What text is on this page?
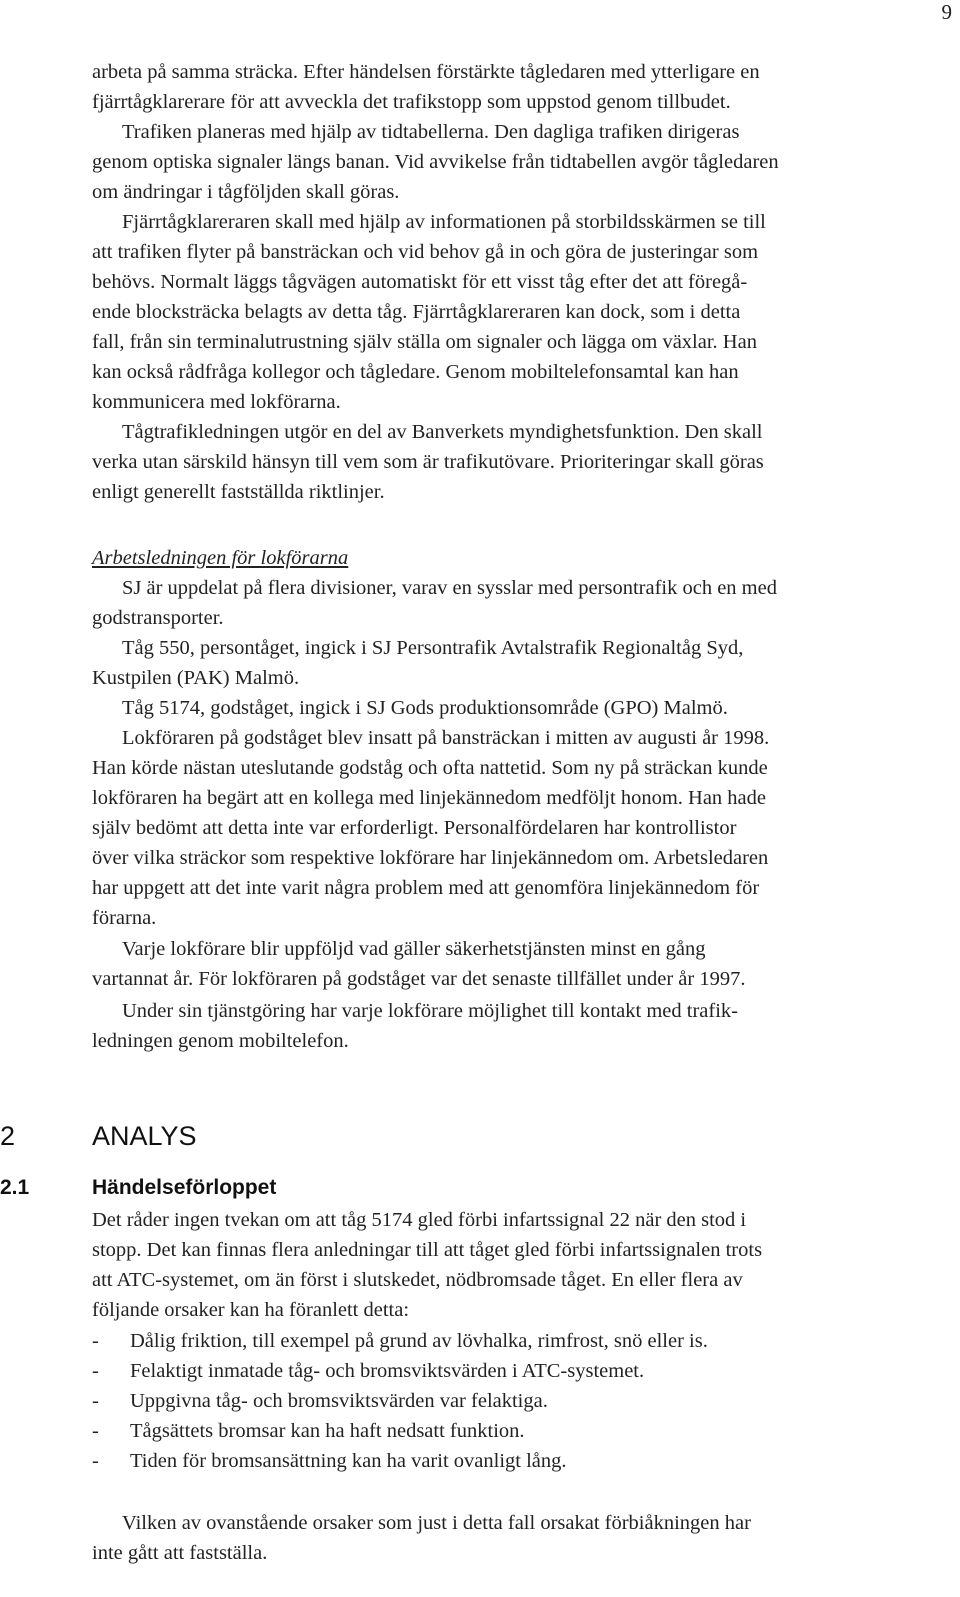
9
arbeta på samma sträcka. Efter händelsen förstärkte tågledaren med ytterligare en
fjärrtågklarerare för att avveckla det trafikstopp som uppstod genom tillbudet.
Trafiken planeras med hjälp av tidtabellerna. Den dagliga trafiken dirigeras
genom optiska signaler längs banan. Vid avvikelse från tidtabellen avgör tågledaren
om ändringar i tågföljden skall göras.
Fjärrtågklareraren skall med hjälp av informationen på storbildsskärmen se till
att trafiken flyter på bansträckan och vid behov gå in och göra de justeringar som
behövs. Normalt läggs tågvägen automatiskt för ett visst tåg efter det att föregå-
ende blocksträcka belagts av detta tåg. Fjärrtågklareraren kan dock, som i detta
fall, från sin terminalutrustning själv ställa om signaler och lägga om växlar. Han
kan också rådfråga kollegor och tågledare. Genom mobiltelefonsamtal kan han
kommunicera med lokförarna.
Tågtrafikledningen utgör en del av Banverkets myndighetsfunktion. Den skall
verka utan särskild hänsyn till vem som är trafikutövare. Prioriteringar skall göras
enligt generellt fastställda riktlinjer.
Arbetsledningen för lokförarna
SJ är uppdelat på flera divisioner, varav en sysslar med persontrafik och en med
godstransporter.
Tåg 550, persontåget, ingick i SJ Persontrafik Avtalstrafik Regionaltåg Syd,
Kustpilen (PAK) Malmö.
Tåg 5174, godståget, ingick i SJ Gods produktionsområde (GPO) Malmö.
Lokföraren på godståget blev insatt på bansträckan i mitten av augusti år 1998.
Han körde nästan uteslutande godståg och ofta nattetid. Som ny på sträckan kunde
lokföraren ha begärt att en kollega med linjekännedom medföljt honom. Han hade
själv bedömt att detta inte var erforderligt. Personalfördelaren har kontrollistor
över vilka sträckor som respektive lokförare har linjekännedom om. Arbetsledaren
har uppgett att det inte varit några problem med att genomföra linjekännedom för
förarna.
Varje lokförare blir uppföljd vad gäller säkerhetstjänsten minst en gång
vartannat år. För lokföraren på godståget var det senaste tillfället under år 1997.
Under sin tjänstgöring har varje lokförare möjlighet till kontakt med trafik-
ledningen genom mobiltelefon.
2	ANALYS
2.1	Händelseförloppet
Det råder ingen tvekan om att tåg 5174 gled förbi infartssignal 22 när den stod i
stopp. Det kan finnas flera anledningar till att tåget gled förbi infartssignalen trots
att ATC-systemet, om än först i slutskedet, nödbromsade tåget. En eller flera av
följande orsaker kan ha föranlett detta:
- Dålig friktion, till exempel på grund av lövhalka, rimfrost, snö eller is.
- Felaktigt inmatade tåg- och bromsviktsvärden i ATC-systemet.
- Uppgivna tåg- och bromsviktsvärden var felaktiga.
- Tågsättets bromsar kan ha haft nedsatt funktion.
- Tiden för bromsansättning kan ha varit ovanligt lång.
Vilken av ovanstående orsaker som just i detta fall orsakat förbiåkningen har
inte gått att fastställa.
